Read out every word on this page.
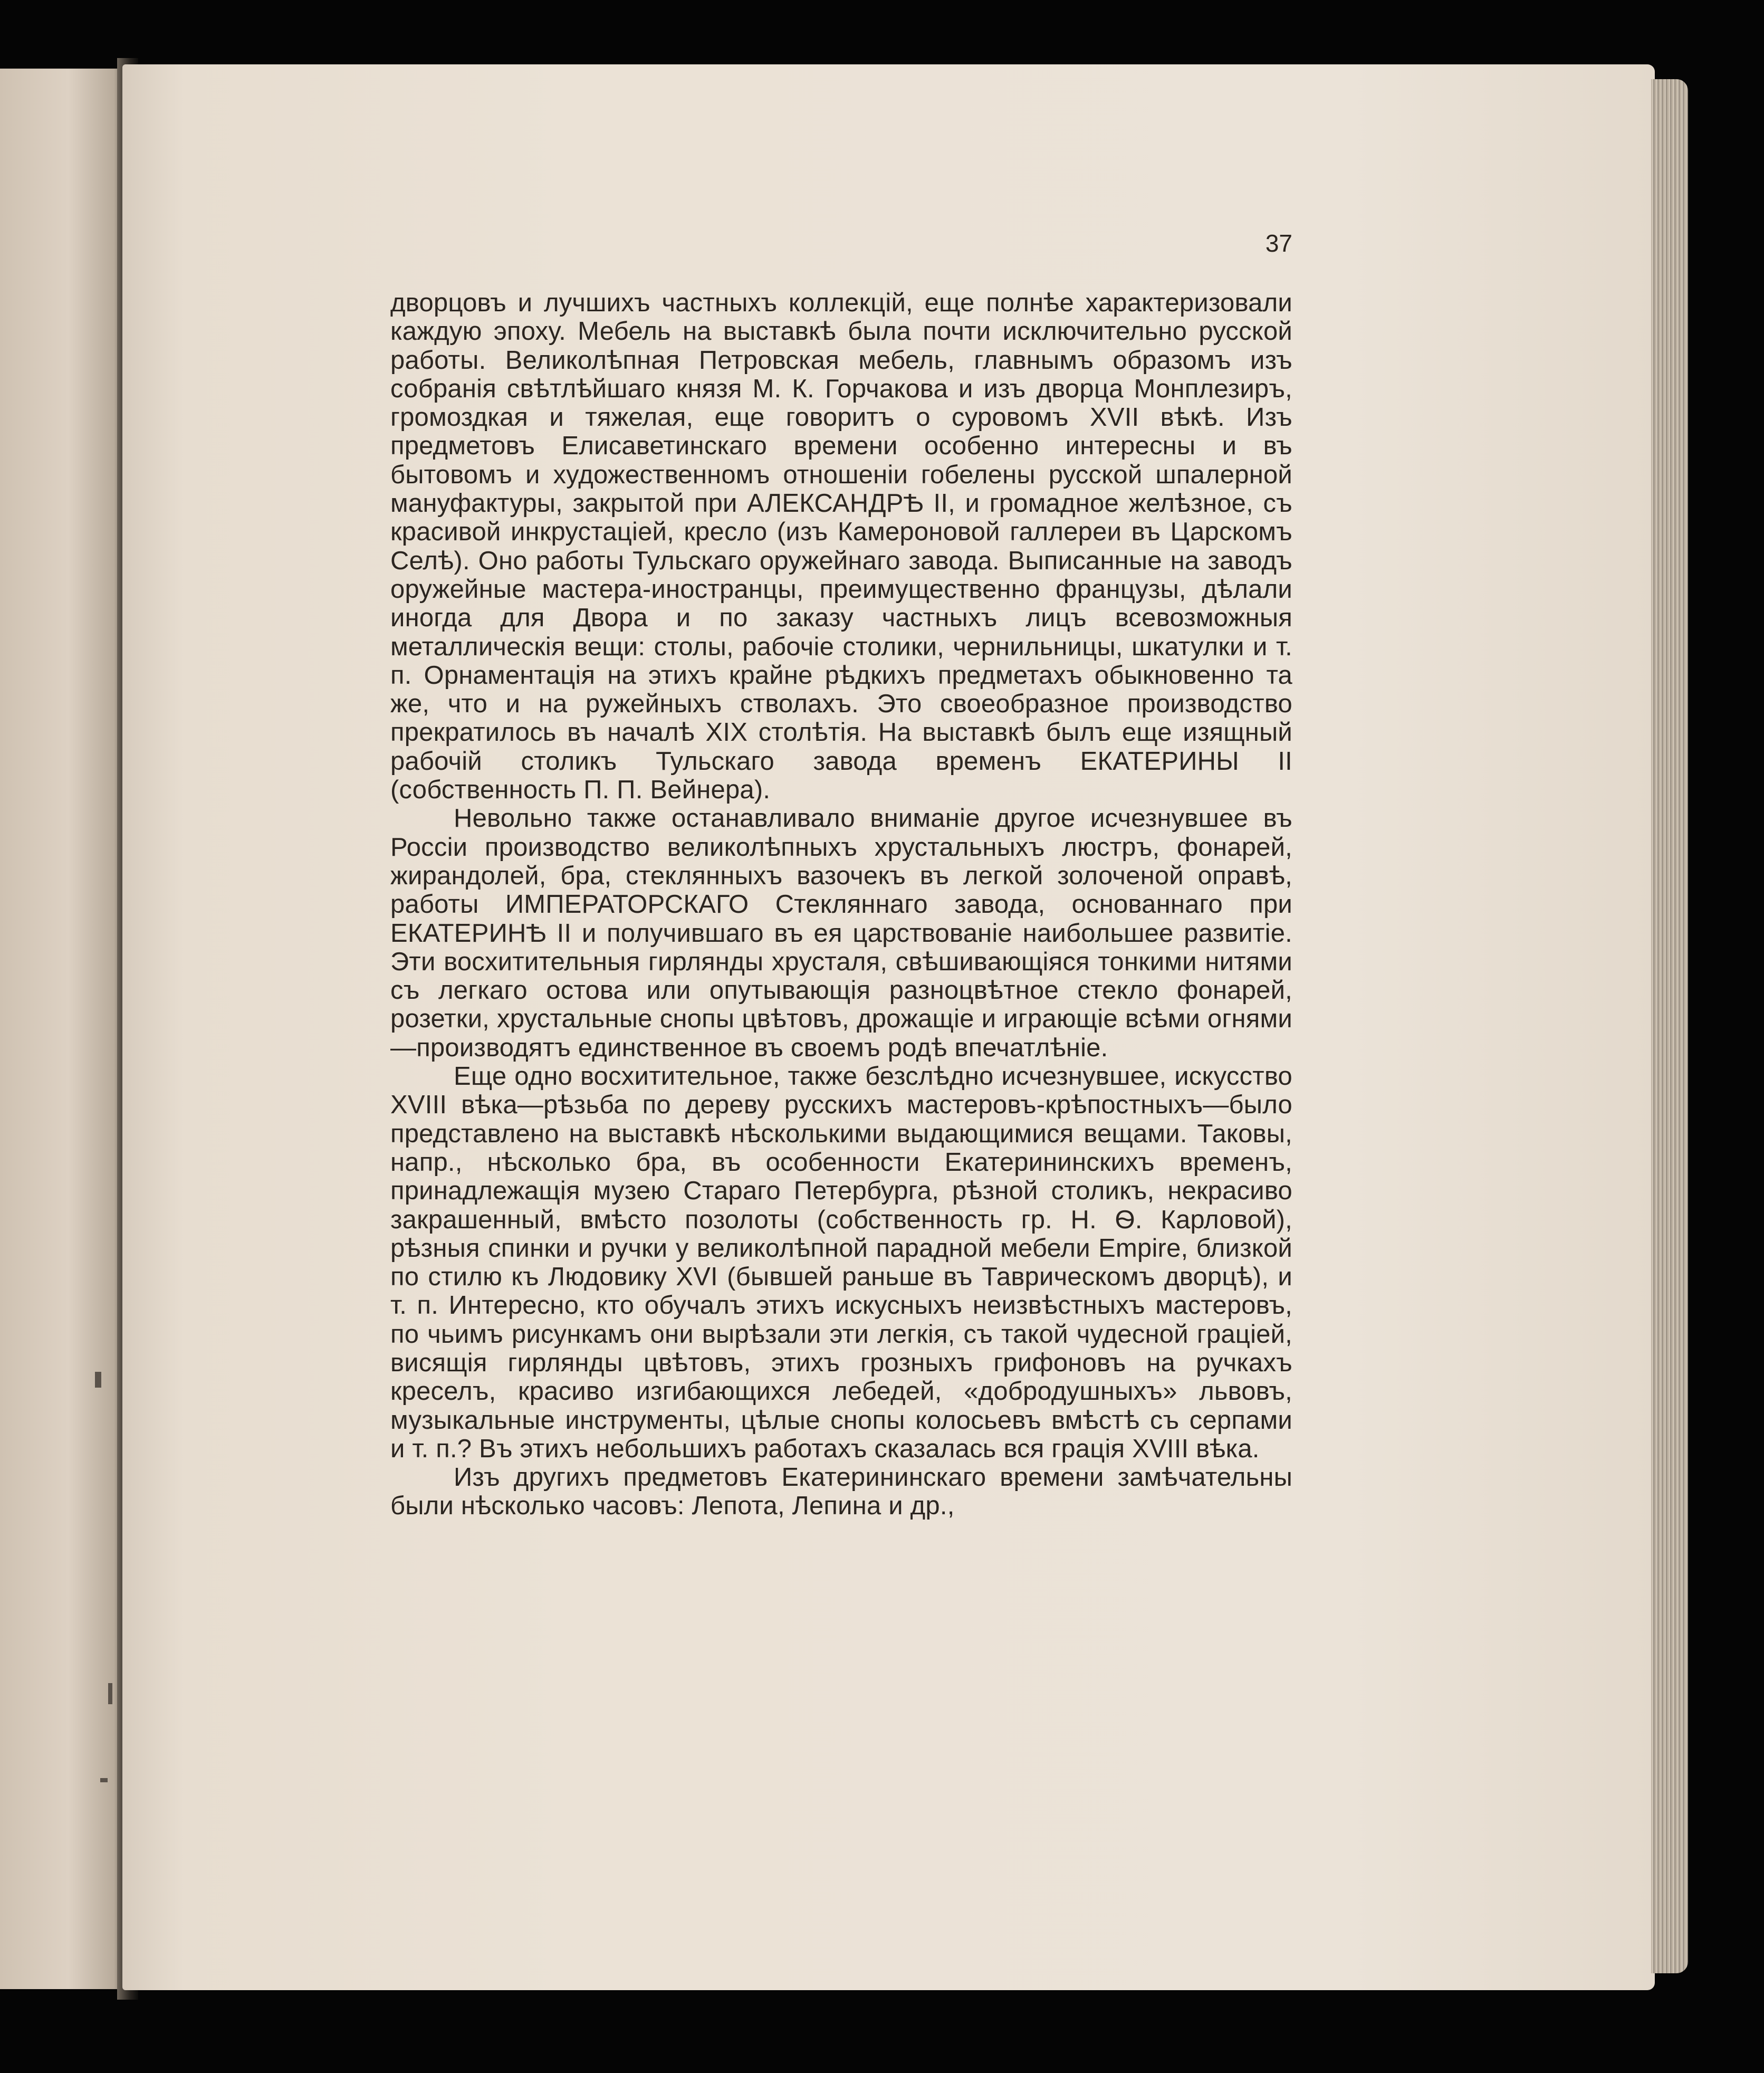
37

дворцовъ и лучшихъ частныхъ коллекцій, еще полнѣе характеризовали каждую эпоху. Мебель на выставкѣ была почти исключительно русской работы. Великолѣпная Петровская мебель, главнымъ образомъ изъ собранія свѣтлѣйшаго князя М. К. Горчакова и изъ дворца Монплезиръ, громоздкая и тяжелая, еще говоритъ о суровомъ XVII вѣкѣ. Изъ предметовъ Елисаветинскаго времени особенно интересны и въ бытовомъ и художественномъ отношеніи гобелены русской шпалерной мануфактуры, закрытой при АЛЕКСАНДРѢ II, и громадное желѣзное, съ красивой инкрустаціей, кресло (изъ Камероновой галлереи въ Царскомъ Селѣ). Оно работы Тульскаго оружейнаго завода. Выписанные на заводъ оружейные мастера-иностранцы, преимущественно французы, дѣлали иногда для Двора и по заказу частныхъ лицъ всевозможныя металлическія вещи: столы, рабочіе столики, чернильницы, шкатулки и т. п. Орнаментація на этихъ крайне рѣдкихъ предметахъ обыкновенно та же, что и на ружейныхъ стволахъ. Это своеобразное производство прекратилось въ началѣ XIX столѣтія. На выставкѣ былъ еще изящный рабочій столикъ Тульскаго завода временъ ЕКАТЕРИНЫ II (собственность П. П. Вейнера).

Невольно также останавливало вниманіе другое исчезнувшее въ Россіи производство великолѣпныхъ хрустальныхъ люстръ, фонарей, жирандолей, бра, стеклянныхъ вазочекъ въ легкой золоченой оправѣ, работы ИМПЕРАТОРСКАГО Стекляннаго завода, основаннаго при ЕКАТЕРИНѢ II и получившаго въ ея царствованіе наибольшее развитіе. Эти восхитительныя гирлянды хрусталя, свѣшивающіяся тонкими нитями съ легкаго остова или опутывающія разноцвѣтное стекло фонарей, розетки, хрустальные снопы цвѣтовъ, дрожащіе и играющіе всѣми огнями—производятъ единственное въ своемъ родѣ впечатлѣніе.

Еще одно восхитительное, также безслѣдно исчезнувшее, искусство XVIII вѣка—рѣзьба по дереву русскихъ мастеровъ-крѣпостныхъ—было представлено на выставкѣ нѣсколькими выдающимися вещами. Таковы, напр., нѣсколько бра, въ особенности Екатерининскихъ временъ, принадлежащія музею Стараго Петербурга, рѣзной столикъ, некрасиво закрашенный, вмѣсто позолоты (собственность гр. Н. Ѳ. Карловой), рѣзныя спинки и ручки у великолѣпной парадной мебели Empire, близкой по стилю къ Людовику XVI (бывшей раньше въ Таврическомъ дворцѣ), и т. п. Интересно, кто обучалъ этихъ искусныхъ неизвѣстныхъ мастеровъ, по чьимъ рисункамъ они вырѣзали эти легкія, съ такой чудесной граціей, висящія гирлянды цвѣтовъ, этихъ грозныхъ грифоновъ на ручкахъ креселъ, красиво изгибающихся лебедей, «добродушныхъ» львовъ, музыкальные инструменты, цѣлые снопы колосьевъ вмѣстѣ съ серпами и т. п.? Въ этихъ небольшихъ работахъ сказалась вся грація XVIII вѣка.

Изъ другихъ предметовъ Екатерининскаго времени замѣчательны были нѣсколько часовъ: Лепота, Лепина и др.,
